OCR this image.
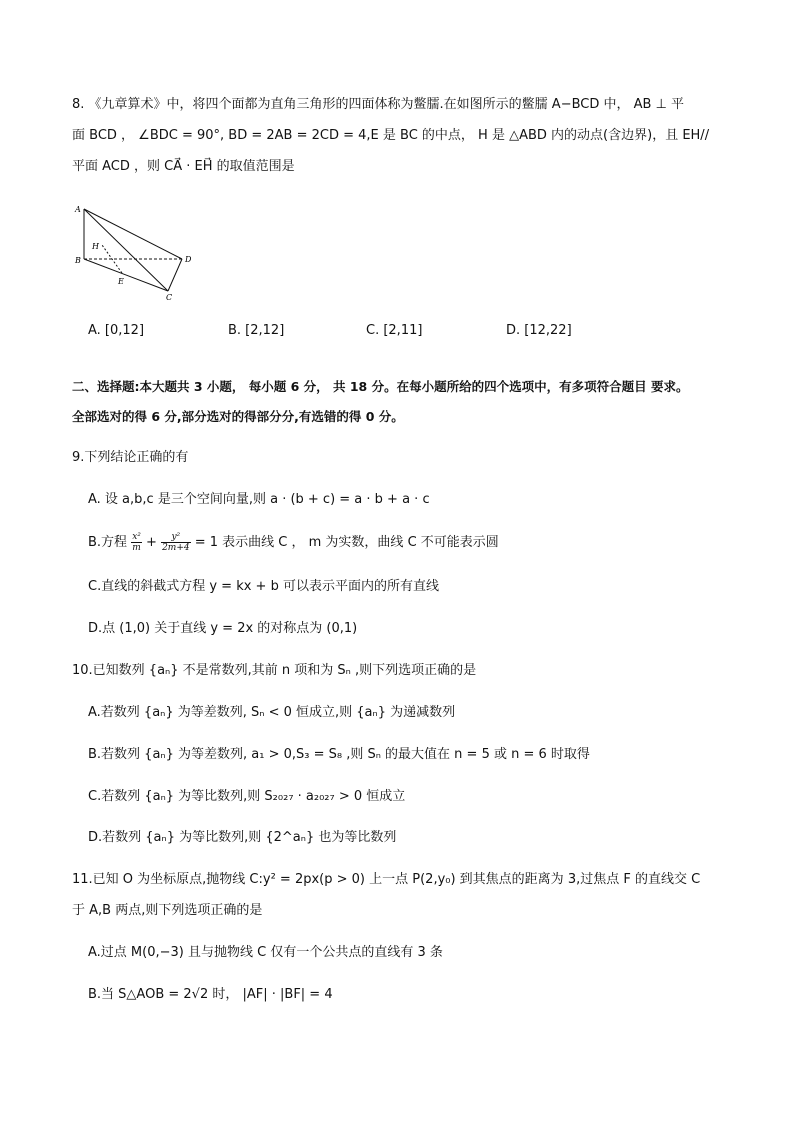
8. 《九章算术》中，将四个面都为直角三角形的四面体称为鳖臑.在如图所示的鳖臑 A−BCD 中， AB ⊥ 平
面 BCD ， ∠BDC = 90°, BD = 2AB = 2CD = 4,E 是 BC 的中点， H 是 △ABD 内的动点(含边界)，且 EH//
平面 ACD ，则 CA⃗ · EH⃗ 的取值范围是
A
B
C
D
E
H
A. [0,12]	B. [2,12]	C. [2,11]	D. [12,22]
二、选择题:本大题共 3 小题， 每小题 6 分， 共 18 分。在每小题所给的四个选项中，有多项符合题目 要求。
全部选对的得 6 分,部分选对的得部分分,有选错的得 0 分。
9.下列结论正确的有
A. 设 a,b,c 是三个空间向量,则 a · (b + c) = a · b + a · c
B.方程 $\frac{\text{x²}}{m} + \frac{\text{y²}}{2m+4} = 1$ 表示曲线 C ， m 为实数，曲线 C 不可能表示圆
C.直线的斜截式方程 y = kx + b 可以表示平面内的所有直线
D.点 (1,0) 关于直线 y = 2x 的对称点为 (0,1)
10.已知数列 {aₙ} 不是常数列,其前 n 项和为 Sₙ ,则下列选项正确的是
A.若数列 {aₙ} 为等差数列, Sₙ < 0 恒成立,则 {aₙ} 为递减数列
B.若数列 {aₙ} 为等差数列, a₁ > 0,S₃ = S₈ ,则 Sₙ 的最大值在 n = 5 或 n = 6 时取得
C.若数列 {aₙ} 为等比数列,则 S₂₀₂₇ · a₂₀₂₇ > 0 恒成立
D.若数列 {aₙ} 为等比数列,则 {2^aₙ} 也为等比数列
11.已知 O 为坐标原点,抛物线 C:y² = 2px(p > 0) 上一点 P(2,y₀) 到其焦点的距离为 3,过焦点 F 的直线交 C
于 A,B 两点,则下列选项正确的是
A.过点 M(0,−3) 且与抛物线 C 仅有一个公共点的直线有 3 条
B.当 S△AOB = 2√2 时， |AF| · |BF| = 4
